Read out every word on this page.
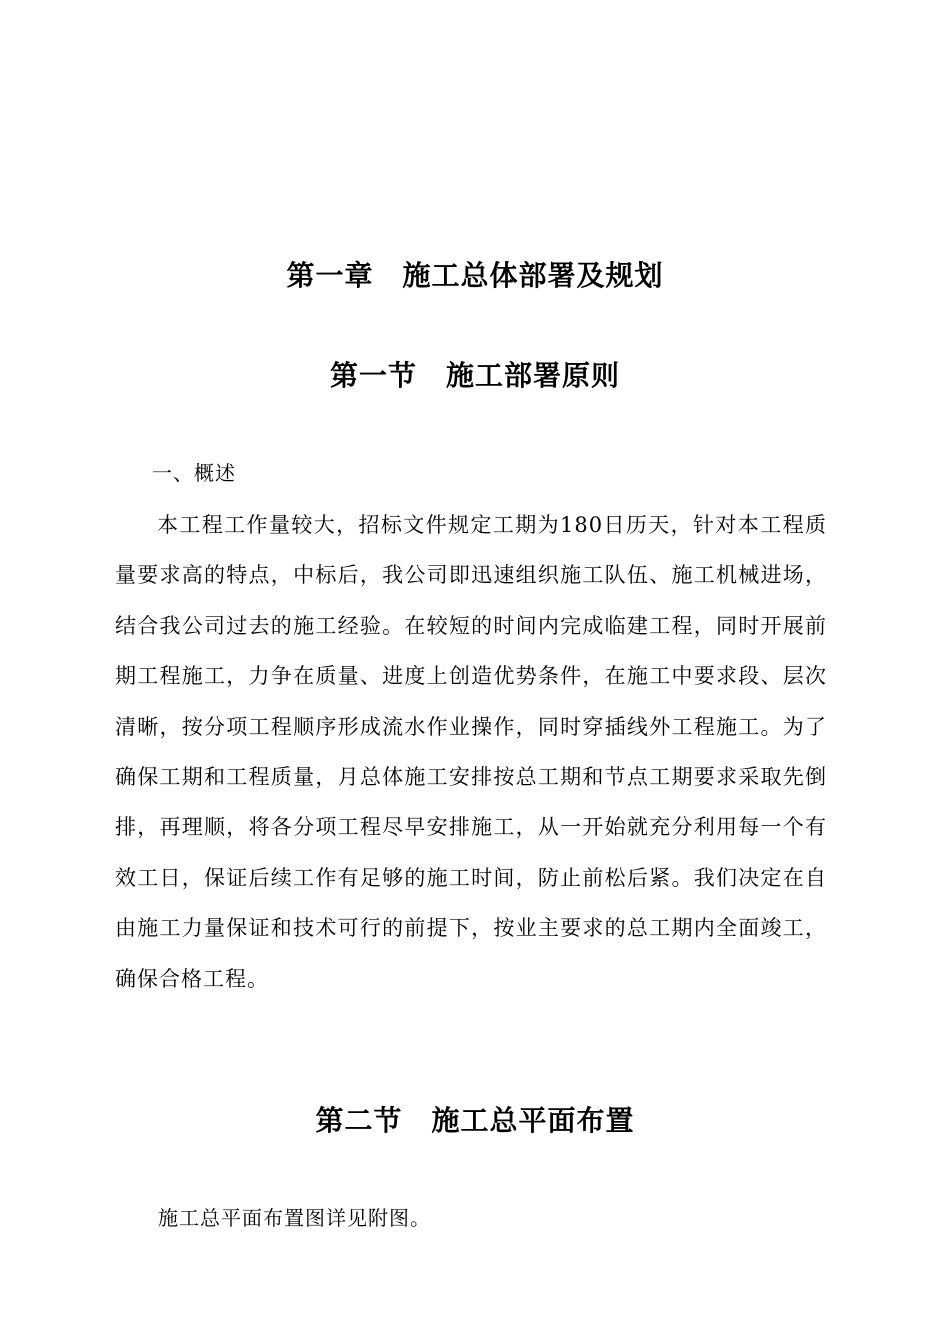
第一章　施工总体部署及规划
第一节　施工部署原则
一、概述
本工程工作量较大，招标文件规定工期为180日历天，针对本工程质量要求高的特点，中标后，我公司即迅速组织施工队伍、施工机械进场，结合我公司过去的施工经验。在较短的时间内完成临建工程，同时开展前期工程施工，力争在质量、进度上创造优势条件，在施工中要求段、层次清晰，按分项工程顺序形成流水作业操作，同时穿插线外工程施工。为了确保工期和工程质量，月总体施工安排按总工期和节点工期要求采取先倒排，再理顺，将各分项工程尽早安排施工，从一开始就充分利用每一个有效工日，保证后续工作有足够的施工时间，防止前松后紧。我们决定在自由施工力量保证和技术可行的前提下，按业主要求的总工期内全面竣工，确保合格工程。
第二节　施工总平面布置
施工总平面布置图详见附图。
